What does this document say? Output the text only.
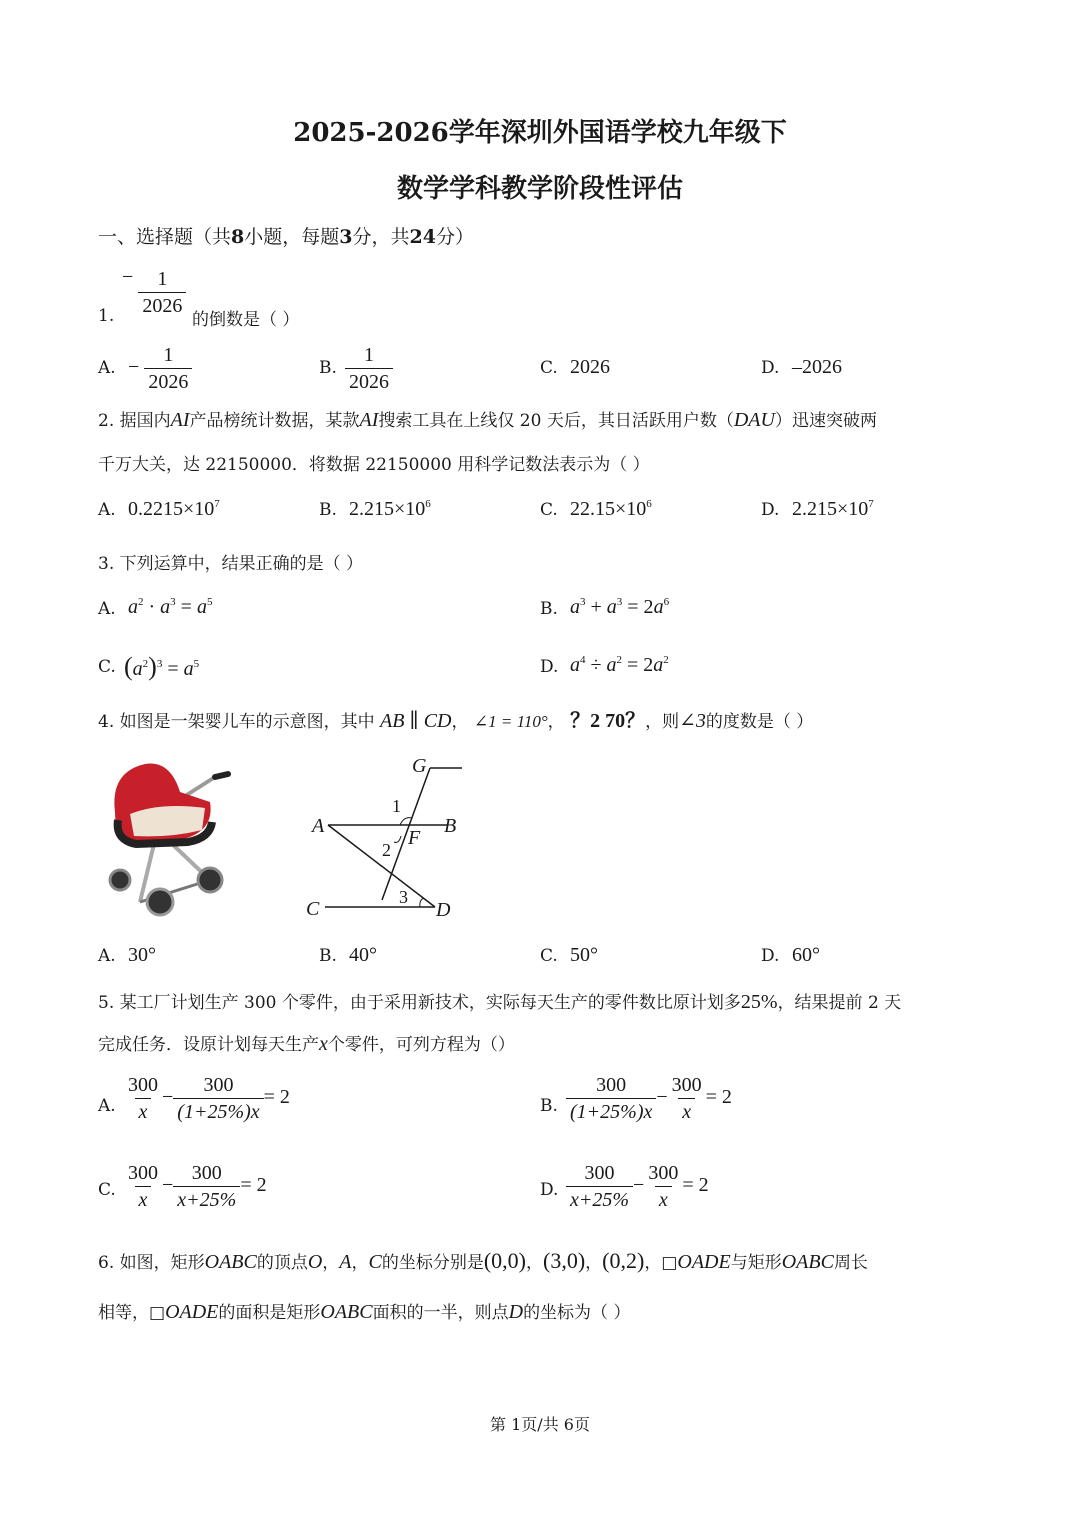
2025-2026学年深圳外国语学校九年级下
数学学科教学阶段性评估
一、选择题（共8小题，每题3分，共24分）
− $\frac{1}{2026}$
1.	的倒数是（ ）
A. − $\frac{1}{2026}$	B. $\frac{1}{2026}$	C. 2026	D. –2026
2. 据国内AI产品榜统计数据，某款AI搜索工具在上线仅 20 天后，其日活跃用户数（DAU）迅速突破两
千万大关，达 22150000．将数据 22150000 用科学记数法表示为（ ）
A. $0.2215\times 10^7$	B. $2.215\times 10^6$	C. $22.15\times 10^6$	D. $2.215\times 10^7$
3. 下列运算中，结果正确的是（ ）
A. $a^2 \cdot a^3 = a^5$	B. $a^3 + a^3 = 2a^6$
C. $(a^2)^3 = a^5$	D. $a^4 \div a^2 = 2a^2$
4. 如图是一架婴儿车的示意图，其中 AB ∥ CD， ∠1 = 110°， ？2 70？，则∠3的度数是（ ）
G
A	B
F
C	D
1
2
3
A. 30°	B. 40°	C. 50°	D. 60°
5. 某工厂计划生产 300 个零件，由于采用新技术，实际每天生产的零件数比原计划多25%，结果提前 2 天
完成任务．设原计划每天生产x个零件，可列方程为（）
A. $\frac{300}{x} - \frac{300}{(1+25\%)x} = 2$	B. $\frac{300}{(1+25\%)x} - \frac{300}{x} = 2$
C. $\frac{300}{x} - \frac{300}{x+25\%} = 2$	D. $\frac{300}{x+25\%} - \frac{300}{x} = 2$
6. 如图，矩形OABC的顶点O，A，C的坐标分别是(0,0)，(3,0)，(0,2)，□OADE与矩形OABC周长
相等，□OADE的面积是矩形OABC面积的一半，则点D的坐标为（ ）
第 1页/共 6页
